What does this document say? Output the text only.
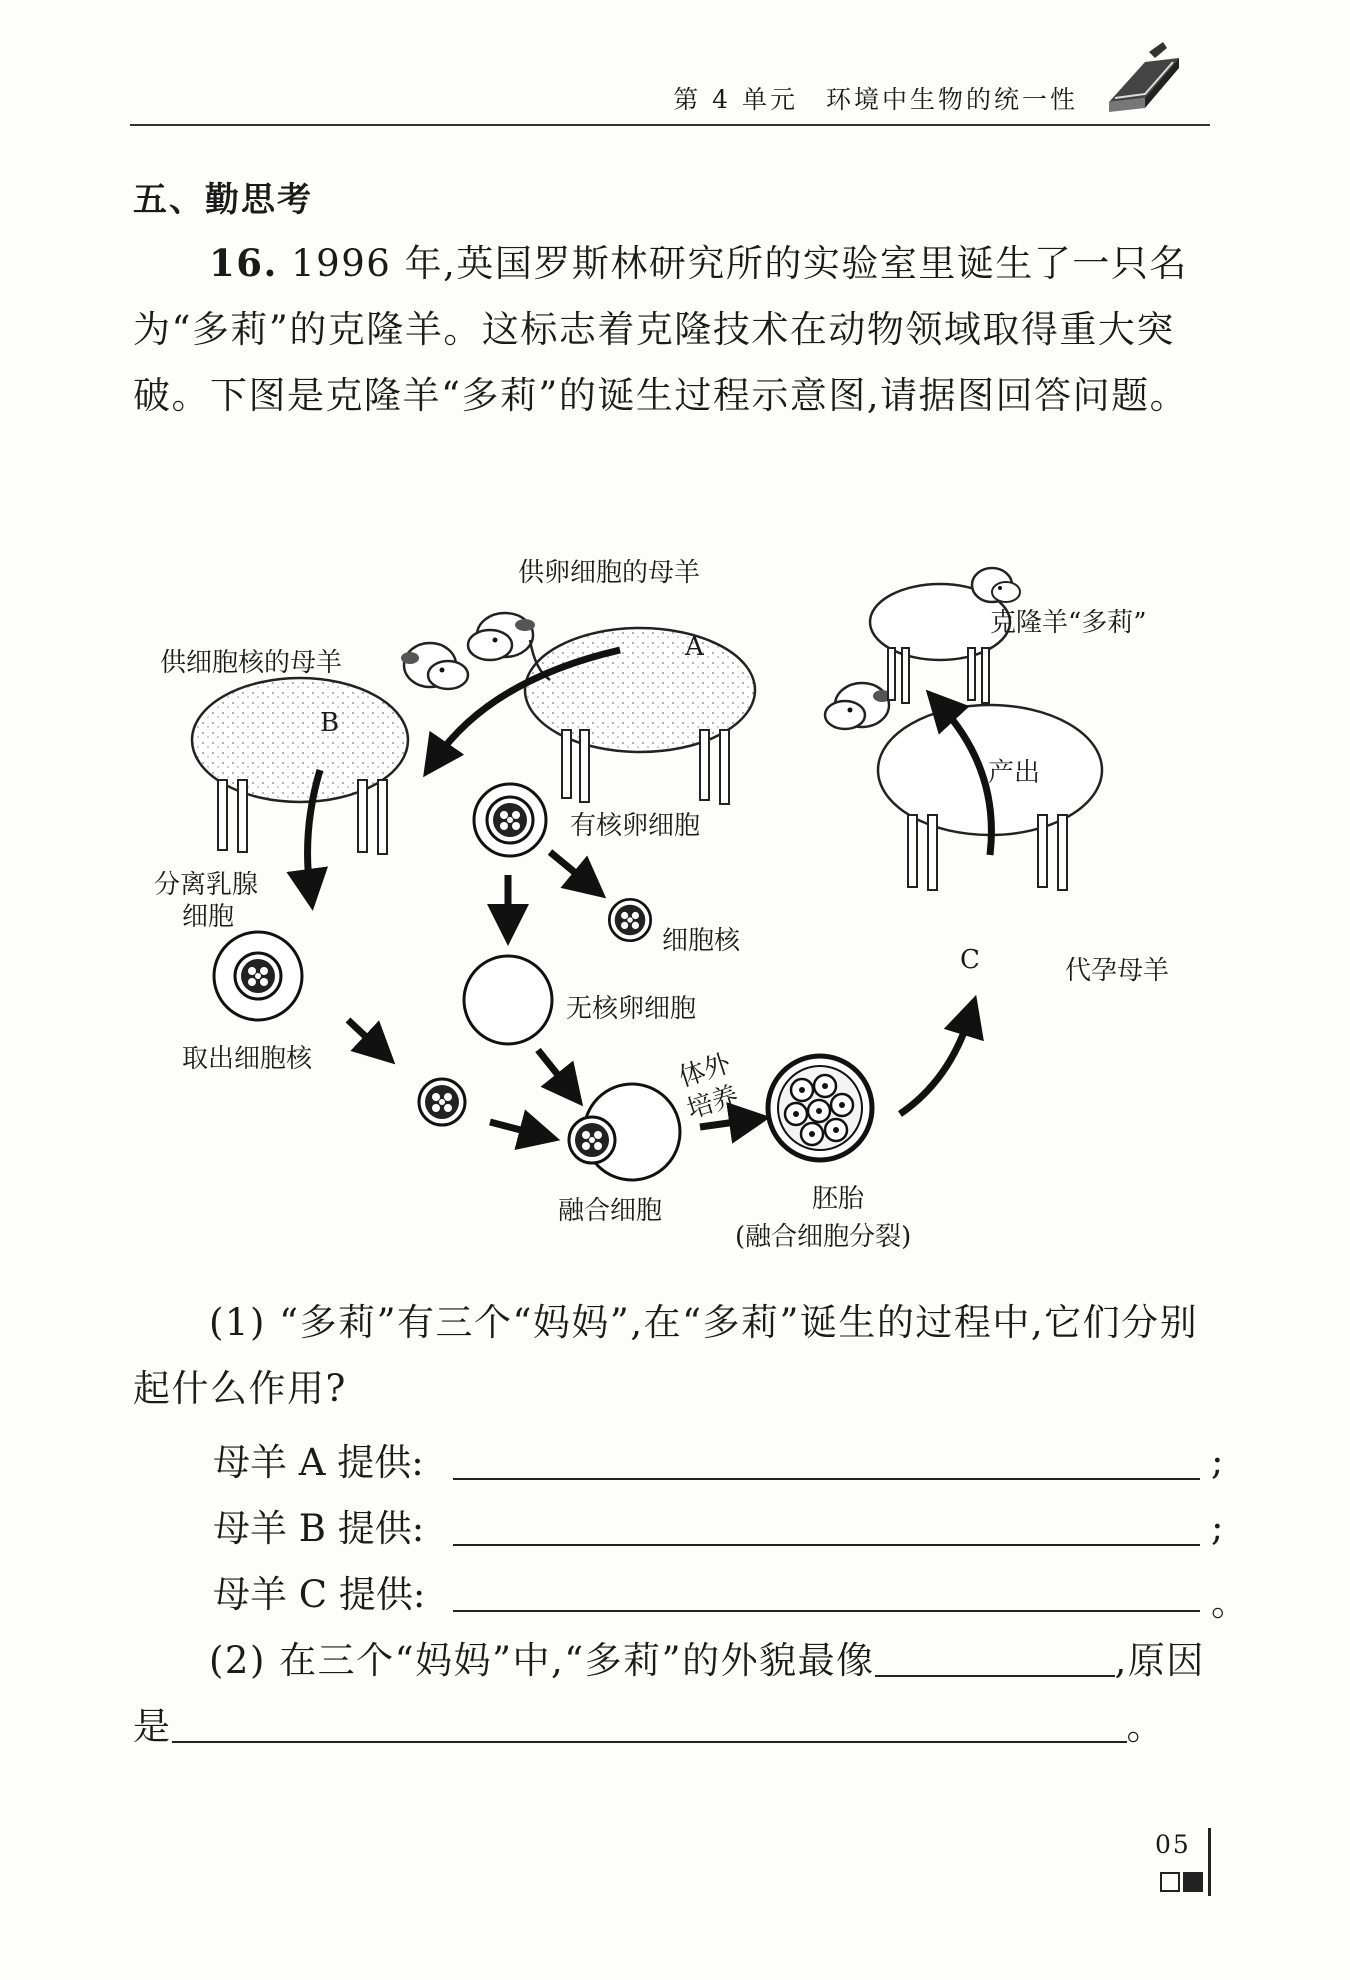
第 4 单元　环境中生物的统一性
五、勤思考
16. 1996 年,英国罗斯林研究所的实验室里诞生了一只名为“多莉”的克隆羊。这标志着克隆技术在动物领域取得重大突破。下图是克隆羊“多莉”的诞生过程示意图,请据图回答问题。
供卵细胞的母羊
A
供细胞核的母羊
B
C	代孕母羊
克隆羊“多莉”
有核卵细胞
细胞核
无核卵细胞
分离乳腺
细胞
取出细胞核
融合细胞
体外
培养
胚胎
(融合细胞分裂)
产出
(1) “多莉”有三个“妈妈”,在“多莉”诞生的过程中,它们分别起什么作用?
母羊 A 提供:	;
母羊 B 提供:	;
母羊 C 提供:	。
(2) 在三个“妈妈”中,“多莉”的外貌最像	,原因是	。
05
